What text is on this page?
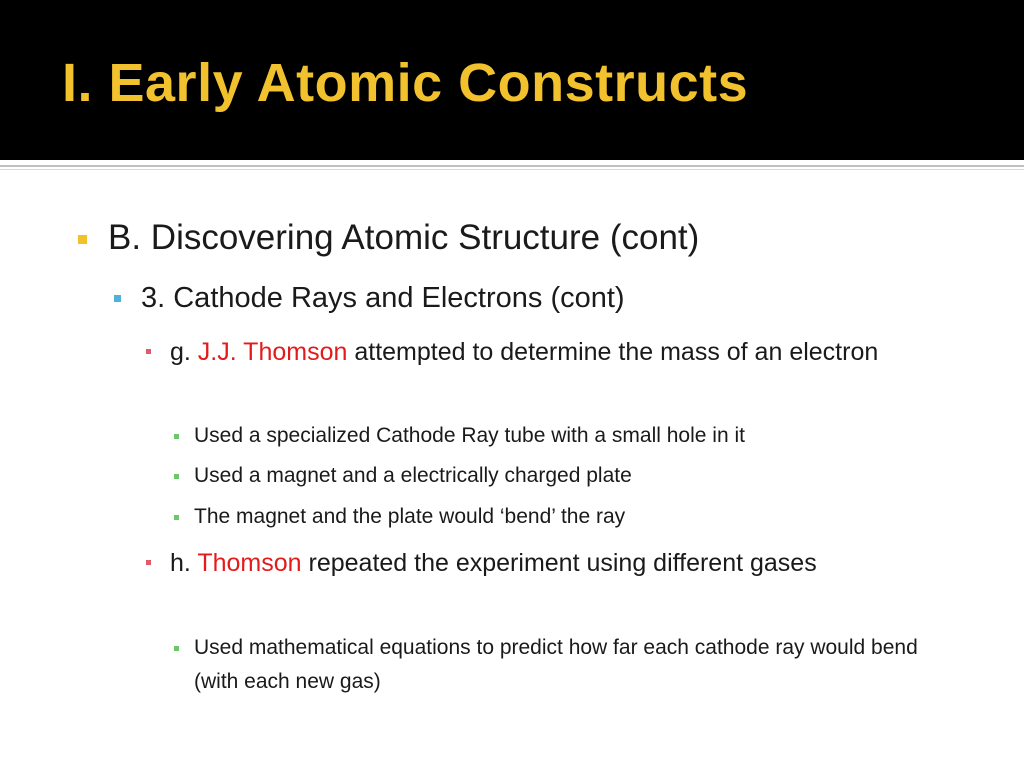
I. Early Atomic Constructs
B. Discovering Atomic Structure (cont)
3. Cathode Rays and Electrons (cont)
g. J.J. Thomson attempted to determine the mass of an electron
Used a specialized Cathode Ray tube with a small hole in it
Used a magnet and a electrically charged plate
The magnet and the plate would ‘bend’ the ray
h. Thomson repeated the experiment using different gases
Used mathematical equations to predict how far each cathode ray would bend (with each new gas)
